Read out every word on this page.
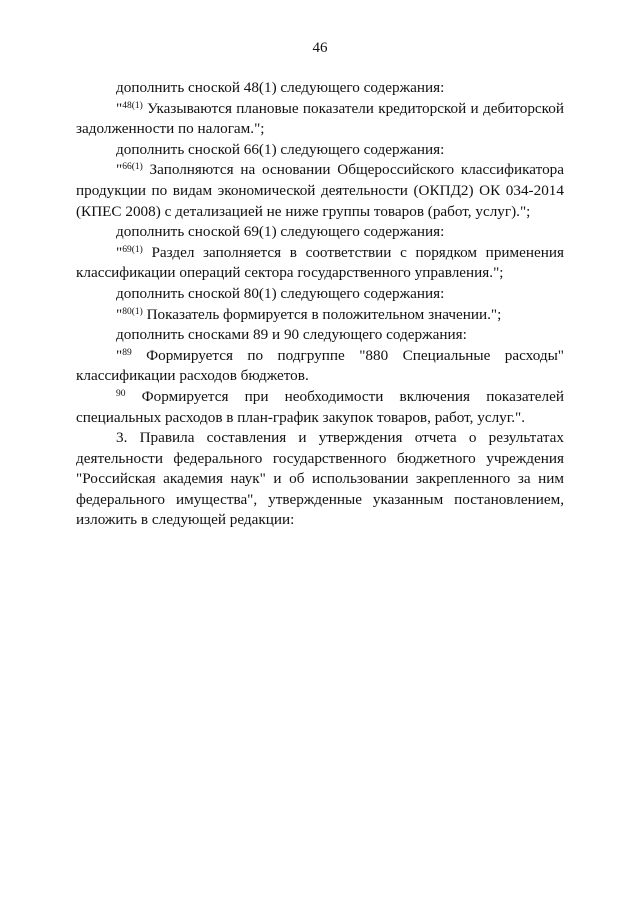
46

дополнить сноской 48(1) следующего содержания:

"$^{48(1)}$ Указываются плановые показатели кредиторской и дебиторской задолженности по налогам.";

дополнить сноской 66(1) следующего содержания:

"$^{66(1)}$ Заполняются на основании Общероссийского классификатора продукции по видам экономической деятельности (ОКПД2) ОК 034-2014 (КПЕС 2008) с детализацией не ниже группы товаров (работ, услуг).";

дополнить сноской 69(1) следующего содержания:

"$^{69(1)}$ Раздел заполняется в соответствии с порядком применения классификации операций сектора государственного управления.";

дополнить сноской 80(1) следующего содержания:

"$^{80(1)}$ Показатель формируется в положительном значении.";

дополнить сносками 89 и 90 следующего содержания:

"$^{89}$ Формируется по подгруппе "880 Специальные расходы" классификации расходов бюджетов.

$^{90}$ Формируется при необходимости включения показателей специальных расходов в план-график закупок товаров, работ, услуг.".

3. Правила составления и утверждения отчета о результатах деятельности федерального государственного бюджетного учреждения "Российская академия наук" и об использовании закрепленного за ним федерального имущества", утвержденные указанным постановлением, изложить в следующей редакции:
